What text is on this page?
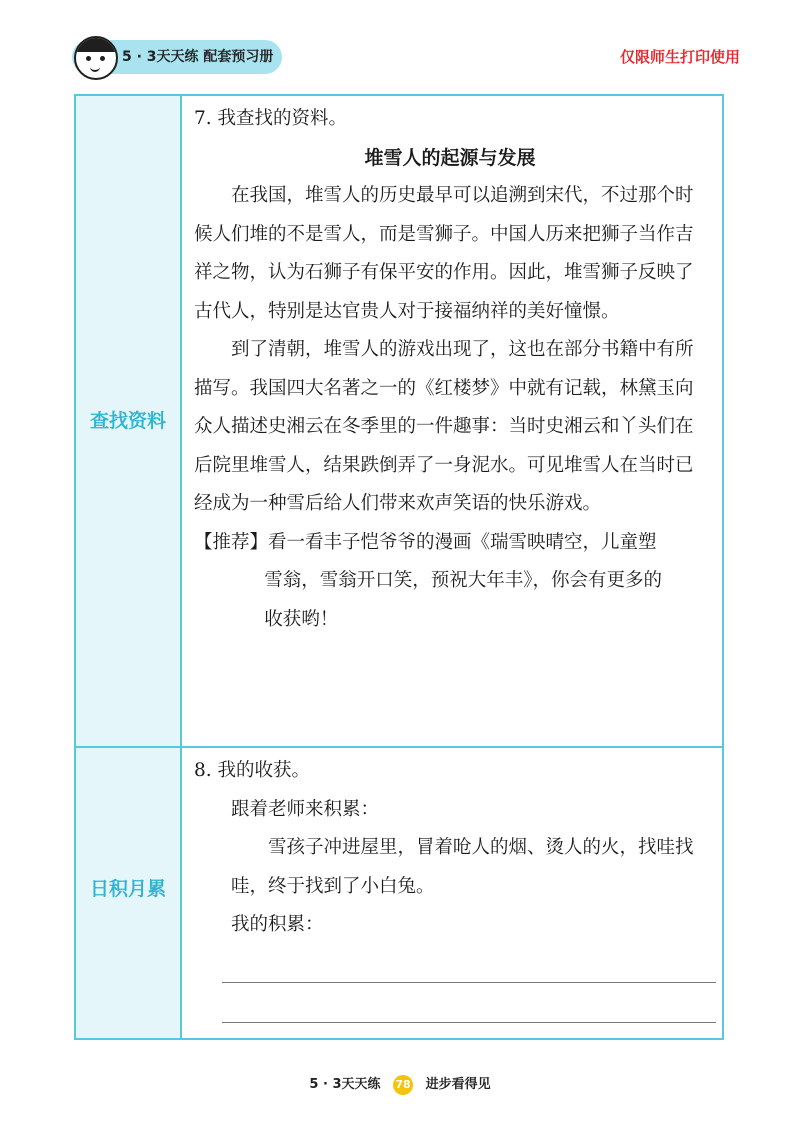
5 · 3天天练 配套预习册	仅限师生打印使用
查找资料
日积月累

7. 我查找的资料。

堆雪人的起源与发展

在我国，堆雪人的历史最早可以追溯到宋代，不过那个时候人们堆的不是雪人，而是雪狮子。中国人历来把狮子当作吉祥之物，认为石狮子有保平安的作用。因此，堆雪狮子反映了古代人，特别是达官贵人对于接福纳祥的美好憧憬。

到了清朝，堆雪人的游戏出现了，这也在部分书籍中有所描写。我国四大名著之一的《红楼梦》中就有记载，林黛玉向众人描述史湘云在冬季里的一件趣事：当时史湘云和丫头们在后院里堆雪人，结果跌倒弄了一身泥水。可见堆雪人在当时已经成为一种雪后给人们带来欢声笑语的快乐游戏。

【推荐】看一看丰子恺爷爷的漫画《瑞雪映晴空，儿童塑

雪翁，雪翁开口笑，预祝大年丰》，你会有更多的

收获哟！

8. 我的收获。

跟着老师来积累：

雪孩子冲进屋里，冒着呛人的烟、烫人的火，找哇找哇，终于找到了小白兔。

我的积累：

5 · 3天天练 78 进步看得见
